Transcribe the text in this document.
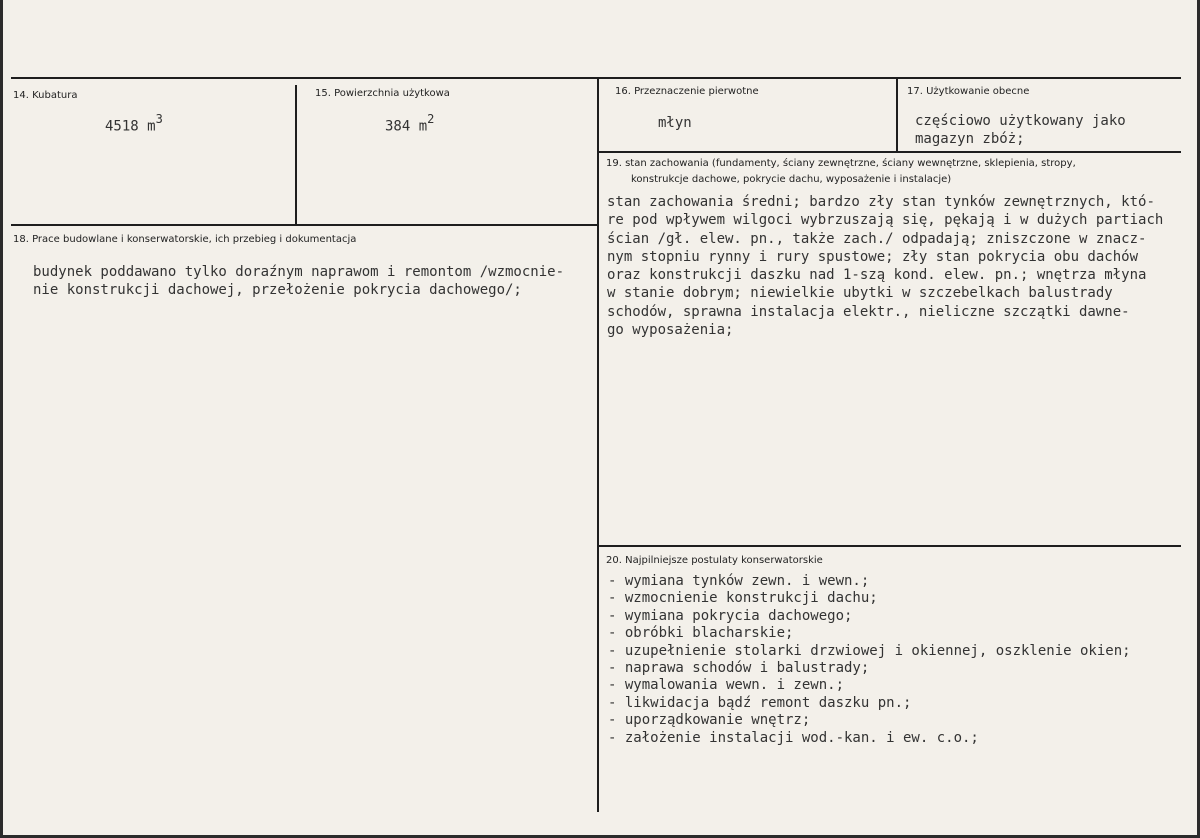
14. Kubatura
4518 $m^3$
15. Powierzchnia użytkowa
384 $m^2$
16. Przeznaczenie pierwotne
młyn
17. Użytkowanie obecne
częściowo użytkowany jako
magazyn zbóż;
18. Prace budowlane i konserwatorskie, ich przebieg i dokumentacja
budynek poddawano tylko doraźnym naprawom i remontom /wzmocnie-
nie konstrukcji dachowej, przełożenie pokrycia dachowego/;
19. stan zachowania (fundamenty, ściany zewnętrzne, ściany wewnętrzne, sklepienia, stropy,
konstrukcje dachowe, pokrycie dachu, wyposażenie i instalacje)
stan zachowania średni; bardzo zły stan tynków zewnętrznych, któ-
re pod wpływem wilgoci wybrzuszają się, pękają i w dużych partiach
ścian /gł. elew. pn., także zach./ odpadają; zniszczone w znacz-
nym stopniu rynny i rury spustowe; zły stan pokrycia obu dachów
oraz konstrukcji daszku nad 1-szą kond. elew. pn.; wnętrza młyna
w stanie dobrym; niewielkie ubytki w szczebelkach balustrady
schodów, sprawna instalacja elektr., nieliczne szczątki dawne-
go wyposażenia;
20. Najpilniejsze postulaty konserwatorskie
- wymiana tynków zewn. i wewn.;
- wzmocnienie konstrukcji dachu;
- wymiana pokrycia dachowego;
- obróbki blacharskie;
- uzupełnienie stolarki drzwiowej i okiennej, oszklenie okien;
- naprawa schodów i balustrady;
- wymalowania wewn. i zewn.;
- likwidacja bądź remont daszku pn.;
- uporządkowanie wnętrz;
- założenie instalacji wod.-kan. i ew. c.o.;
